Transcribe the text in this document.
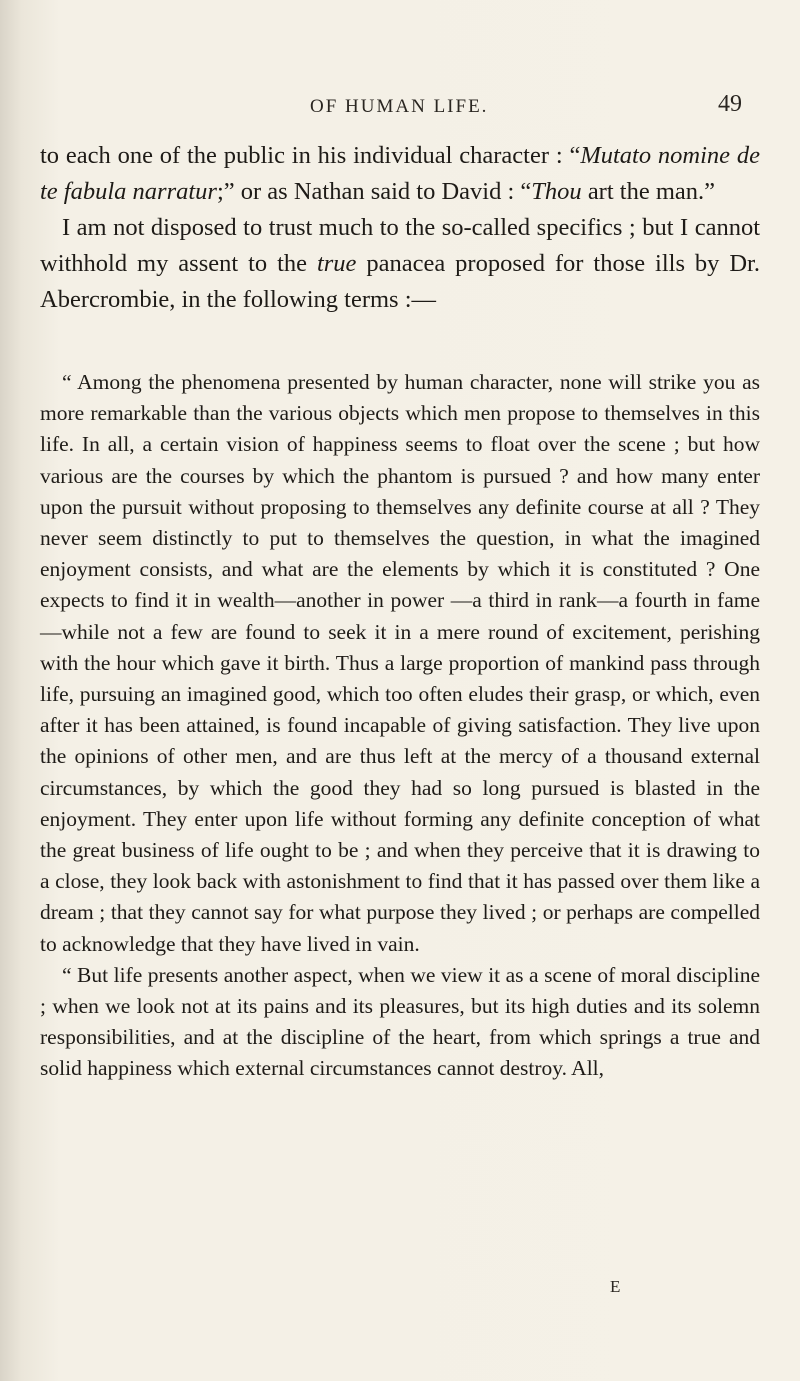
OF HUMAN LIFE.	49

to each one of the public in his individual character : “Mutato nomine de te fabula narratur;” or as Nathan said to David : “Thou art the man.”

I am not disposed to trust much to the so-called specifics ; but I cannot withhold my assent to the true panacea proposed for those ills by Dr. Abercrombie, in the following terms :—

“ Among the phenomena presented by human character, none will strike you as more remarkable than the various objects which men propose to themselves in this life. In all, a certain vision of happiness seems to float over the scene ; but how various are the courses by which the phantom is pursued ? and how many enter upon the pursuit without proposing to themselves any definite course at all ? They never seem distinctly to put to themselves the question, in what the imagined enjoyment consists, and what are the elements by which it is constituted ? One expects to find it in wealth—another in power —a third in rank—a fourth in fame—while not a few are found to seek it in a mere round of excitement, perishing with the hour which gave it birth. Thus a large proportion of mankind pass through life, pursuing an imagined good, which too often eludes their grasp, or which, even after it has been attained, is found incapable of giving satisfaction. They live upon the opinions of other men, and are thus left at the mercy of a thousand external circumstances, by which the good they had so long pursued is blasted in the enjoyment. They enter upon life without forming any definite conception of what the great business of life ought to be ; and when they perceive that it is drawing to a close, they look back with astonishment to find that it has passed over them like a dream ; that they cannot say for what purpose they lived ; or perhaps are compelled to acknowledge that they have lived in vain.

“ But life presents another aspect, when we view it as a scene of moral discipline ; when we look not at its pains and its pleasures, but its high duties and its solemn responsibilities, and at the discipline of the heart, from which springs a true and solid happiness which external circumstances cannot destroy. All,

E
